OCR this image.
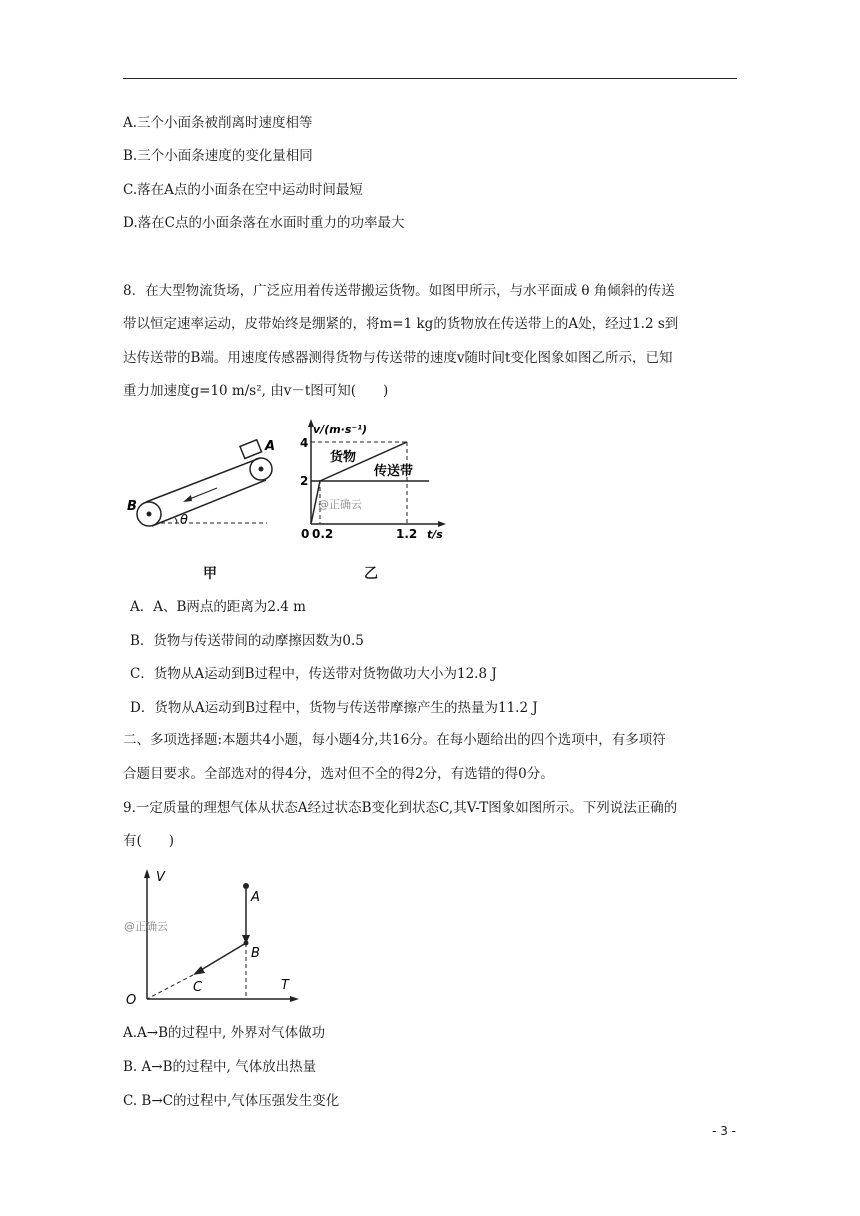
A.三个小面条被削离时速度相等
B.三个小面条速度的变化量相同
C.落在A点的小面条在空中运动时间最短
D.落在C点的小面条落在水面时重力的功率最大
8．在大型物流货场，广泛应用着传送带搬运货物。如图甲所示，与水平面成 θ 角倾斜的传送
带以恒定速率运动，皮带始终是绷紧的，将m=1 kg的货物放在传送带上的A处，经过1.2 s到
达传送带的B端。用速度传感器测得货物与传送带的速度v随时间t变化图象如图乙所示，已知
重力加速度g=10 m/s², 由v－t图可知(　　)
A
B
θ
甲
v/(m·s⁻¹)
t/s
4
2
0 0.2	1.2
货物
传送带
@正确云
乙
A．A、B两点的距离为2.4 m
B．货物与传送带间的动摩擦因数为0.5
C．货物从A运动到B过程中，传送带对货物做功大小为12.8 J
D．货物从A运动到B过程中，货物与传送带摩擦产生的热量为11.2 J
二、多项选择题:本题共4小题，每小题4分,共16分。在每小题给出的四个选项中，有多项符
合题目要求。全部选对的得4分，选对但不全的得2分，有选错的得0分。
9.一定质量的理想气体从状态A经过状态B变化到状态C,其V-T图象如图所示。下列说法正确的
有(　　)
V
T
O
A
B
C
@正确云
A.A→B的过程中, 外界对气体做功
B. A→B的过程中, 气体放出热量
C. B→C的过程中,气体压强发生变化
- 3 -
